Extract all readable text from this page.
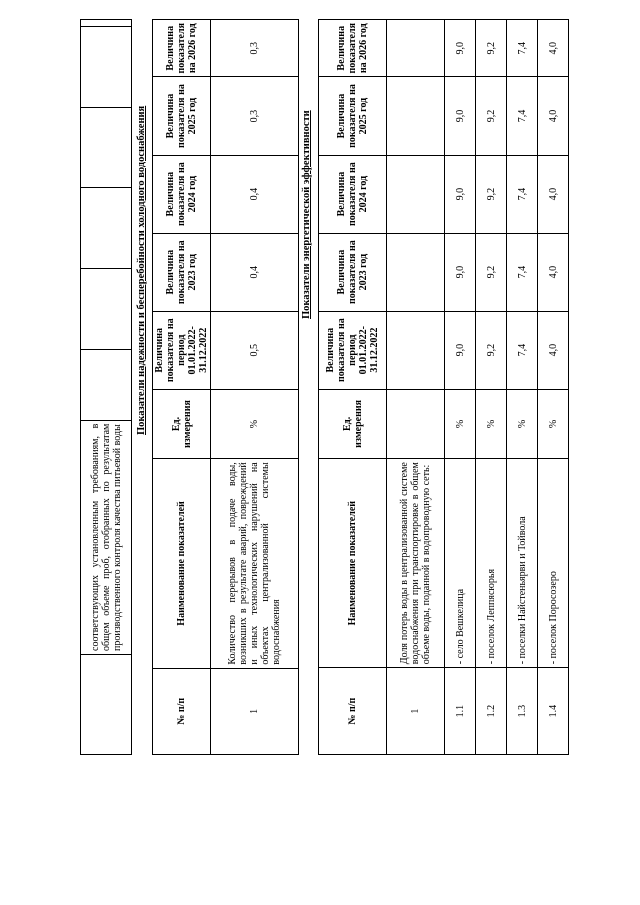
	соответствующих установленным требованиям, в общем объеме проб, отобранных по результатам производственного контроля качества питьевой воды						
Показатели надежности и бесперебойности холодного водоснабжения
№ п/п	Наименование показателей	Ед. измерения	Величина показателя на период 01.01.2022-31.12.2022	Величина показателя на 2023 год	Величина показателя на 2024 год	Величина показателя на 2025 год	Величина показателя на 2026 год
1	Количество перерывов в подаче воды, возникших в результате аварий, повреждений и иных технологических нарушений на объектах централизованной системы водоснабжения	%	0,5	0,4	0,4	0,3	0,3
Показатели энергетической эффективности
№ п/п	Наименование показателей	Ед. измерения	Величина показателя на период 01.01.2022-31.12.2022	Величина показателя на 2023 год	Величина показателя на 2024 год	Величина показателя на 2025 год	Величина показателя на 2026 год
1	Доля потерь воды в централизованной системе водоснабжения при транспортировке в общем объеме воды, поданной в водопроводную сеть:						
1.1	- село Вешкелица	%	9,0	9,0	9,0	9,0	9,0
1.2	- поселок Леппясюрья	%	9,2	9,2	9,2	9,2	9,2
1.3	- поселки Найстеньярви и Тойвола	%	7,4	7,4	7,4	7,4	7,4
1.4	- поселок Поросозеро	%	4,0	4,0	4,0	4,0	4,0
